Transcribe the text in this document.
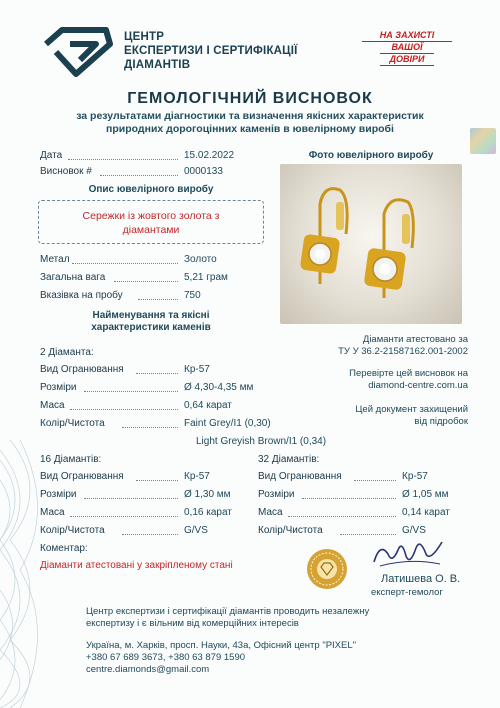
ЦЕНТР
ЕКСПЕРТИЗИ І СЕРТИФІКАЦІЇ
ДІАМАНТІВ
НА ЗАХИСТІ
ВАШОЇ
ДОВІРИ
ГЕМОЛОГІЧНИЙ ВИСНОВОК
за результатами діагностики та визначення якісних характеристик
природних дорогоцінних каменів в ювелірному виробі
Дата	15.02.2022
Висновок #	0000133
Опис ювелірного виробу
Сережки із жовтого золота з діамантами
Метал	Золото
Загальна вага	5,21 грам
Вказівка на пробу	750
Найменування та якісні
характеристики каменів
Фото ювелірного виробу
Діаманти атестовано за
ТУ У 36.2-21587162.001-2002
Перевірте цей висновок на
diamond-centre.com.ua
Цей документ захищений
від підробок
2 Діаманта:
Вид Огранювання	Кр-57
Розміри	Ø 4,30-4,35 мм
Маса	0,64 карат
Колір/Чистота	Faint Grey/I1 (0,30)
Light Greyish Brown/I1 (0,34)
16 Діамантів:
Вид Огранювання	Кр-57
Розміри	Ø 1,30 мм
Маса	0,16 карат
Колір/Чистота	G/VS
32 Діамантів:
Вид Огранювання	Кр-57
Розміри	Ø 1,05 мм
Маса	0,14 карат
Колір/Чистота	G/VS
Коментар:
Діаманти атестовані у закріпленому стані
Латишева О. В.
експерт-гемолог
Центр експертизи і сертифікації діамантів проводить незалежну
експертизу і є вільним від комерційних інтересів
Україна, м. Харків, просп. Науки, 43а, Офісний центр "PIXEL"
+380 67 689 3673, +380 63 879 1590
centre.diamonds@gmail.com
